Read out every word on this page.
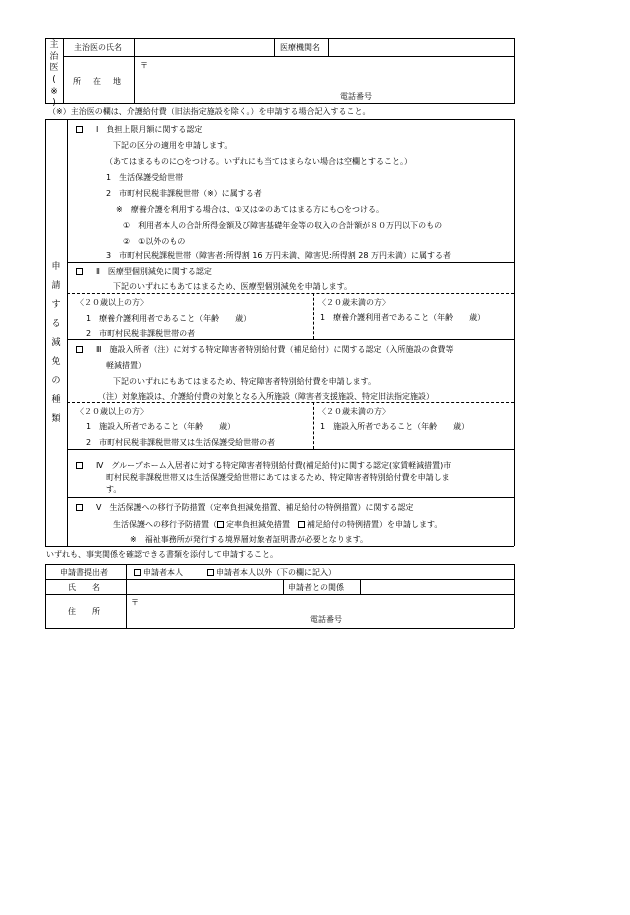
主
治
医
(
※
)
主治医の氏名	医療機関名
所　在　地
〒
電話番号
（※）主治医の欄は、介護給付費（旧法指定施設を除く。）を申請する場合記入すること。
申
請
す
る
減
免
の
種
類
Ⅰ　負担上限月額に関する認定
下記の区分の適用を申請します。
（あてはまるものに○をつける。いずれにも当てはまらない場合は空欄とすること。）
1　生活保護受給世帯
2　市町村民税非課税世帯（※）に属する者
※　療養介護を利用する場合は、①又は②のあてはまる方にも○をつける。
①　利用者本人の合計所得金額及び障害基礎年金等の収入の合計額が８０万円以下のもの
②　①以外のもの
3　市町村民税課税世帯（障害者:所得割 16 万円未満、障害児:所得割 28 万円未満）に属する者
Ⅱ　医療型個別減免に関する認定
下記のいずれにもあてはまるため、医療型個別減免を申請します。
〈２０歳以上の方〉
1　療養介護利用者であること（年齢　　歳）
2　市町村民税非課税世帯の者
〈２０歳未満の方〉
1　療養介護利用者であること（年齢　　歳）
Ⅲ　施設入所者（注）に対する特定障害者特別給付費（補足給付）に関する認定（入所施設の食費等
軽減措置）
下記のいずれにもあてはまるため、特定障害者特別給付費を申請します。
（注）対象施設は、介護給付費の対象となる入所施設（障害者支援施設、特定旧法指定施設）
〈２０歳以上の方〉
1　施設入所者であること（年齢　　歳）
2　市町村民税非課税世帯又は生活保護受給世帯の者
〈２０歳未満の方〉
1　施設入所者であること（年齢　　歳）
Ⅳ　グループホーム入居者に対する特定障害者特別給付費(補足給付)に関する認定(家賃軽減措置)市
町村民税非課税世帯又は生活保護受給世帯にあてはまるため、特定障害者特別給付費を申請しま
す。
Ⅴ　生活保護への移行予防措置（定率負担減免措置、補足給付の特例措置）に関する認定
生活保護への移行予防措置（ 定率負担減免措置　補足給付の特例措置）を申請します。
※　福祉事務所が発行する境界層対象者証明書が必要となります。
いずれも、事実関係を確認できる書類を添付して申請すること。
申請書提出者	申請者本人	申請者本人以外（下の欄に記入）
氏　　名	申請者との関係
住　　所
〒
電話番号
